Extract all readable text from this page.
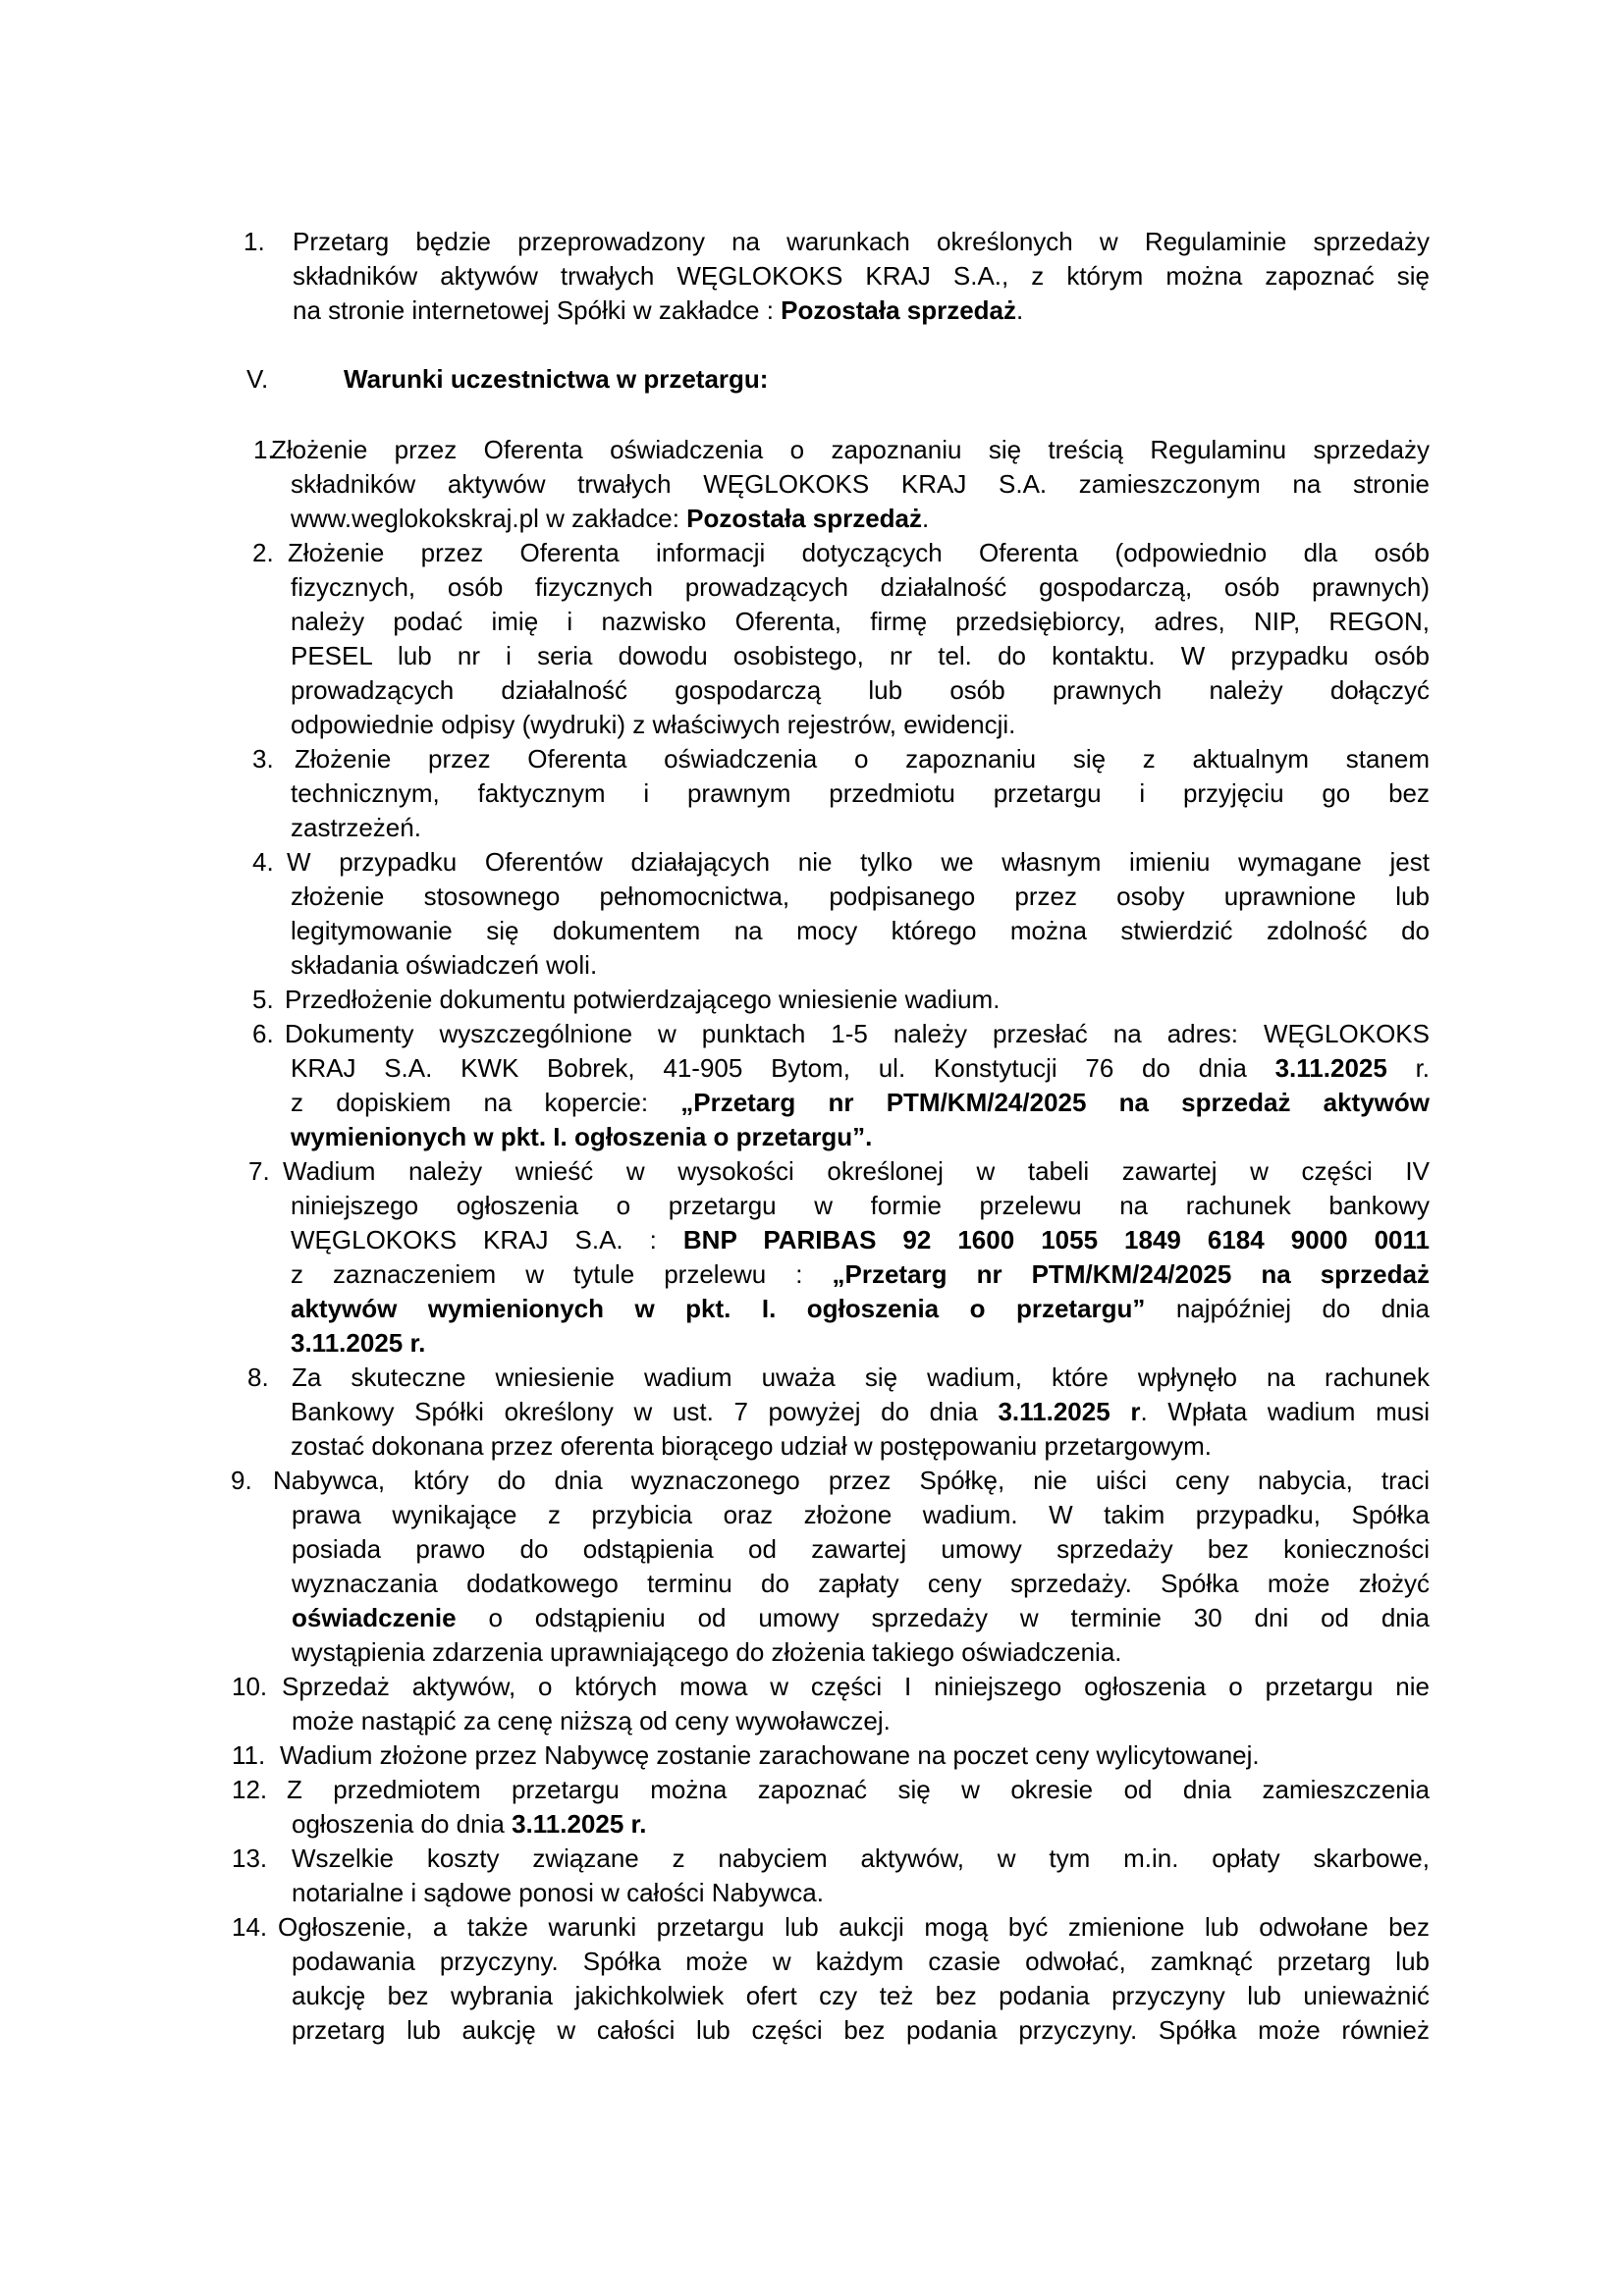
1. Przetarg będzie przeprowadzony na warunkach określonych w Regulaminie sprzedaży
składników aktywów trwałych WĘGLOKOKS KRAJ S.A., z którym można zapoznać się
na stronie internetowej Spółki w zakładce : Pozostała sprzedaż.
V.	Warunki uczestnictwa w przetargu:
1.
Złożenie przez Oferenta oświadczenia o zapoznaniu się treścią Regulaminu sprzedaży
składników aktywów trwałych WĘGLOKOKS KRAJ S.A. zamieszczonym na stronie
www.weglokokskraj.pl w zakładce: Pozostała sprzedaż.
2. Złożenie przez Oferenta informacji dotyczących Oferenta (odpowiednio dla osób
fizycznych, osób fizycznych prowadzących działalność gospodarczą, osób prawnych)
należy podać imię i nazwisko Oferenta, firmę przedsiębiorcy, adres, NIP, REGON,
PESEL lub nr i seria dowodu osobistego, nr tel. do kontaktu. W przypadku osób
prowadzących działalność gospodarczą lub osób prawnych należy dołączyć
odpowiednie odpisy (wydruki) z właściwych rejestrów, ewidencji.
3. Złożenie przez Oferenta oświadczenia o zapoznaniu się z aktualnym stanem
technicznym, faktycznym i prawnym przedmiotu przetargu i przyjęciu go bez
zastrzeżeń.
4. W przypadku Oferentów działających nie tylko we własnym imieniu wymagane jest
złożenie stosownego pełnomocnictwa, podpisanego przez osoby uprawnione lub
legitymowanie się dokumentem na mocy którego można stwierdzić zdolność do
składania oświadczeń woli.
5. Przedłożenie dokumentu potwierdzającego wniesienie wadium.
6. Dokumenty wyszczególnione w punktach 1-5 należy przesłać na adres: WĘGLOKOKS
KRAJ S.A. KWK Bobrek, 41-905 Bytom, ul. Konstytucji 76 do dnia 3.11.2025 r.
z dopiskiem na kopercie: „Przetarg nr PTM/KM/24/2025 na sprzedaż aktywów
wymienionych w pkt. I. ogłoszenia o przetargu”.
7. Wadium należy wnieść w wysokości określonej w tabeli zawartej w części IV
niniejszego ogłoszenia o przetargu w formie przelewu na rachunek bankowy
WĘGLOKOKS KRAJ S.A. : BNP PARIBAS 92 1600 1055 1849 6184 9000 0011
z zaznaczeniem w tytule przelewu : „Przetarg nr PTM/KM/24/2025 na sprzedaż
aktywów wymienionych w pkt. I. ogłoszenia o przetargu” najpóźniej do dnia
3.11.2025 r.
8. Za skuteczne wniesienie wadium uważa się wadium, które wpłynęło na rachunek
Bankowy Spółki określony w ust. 7 powyżej do dnia 3.11.2025 r. Wpłata wadium musi
zostać dokonana przez oferenta biorącego udział w postępowaniu przetargowym.
9. Nabywca, który do dnia wyznaczonego przez Spółkę, nie uiści ceny nabycia, traci
prawa wynikające z przybicia oraz złożone wadium. W takim przypadku, Spółka
posiada prawo do odstąpienia od zawartej umowy sprzedaży bez konieczności
wyznaczania dodatkowego terminu do zapłaty ceny sprzedaży. Spółka może złożyć
oświadczenie o odstąpieniu od umowy sprzedaży w terminie 30 dni od dnia
wystąpienia zdarzenia uprawniającego do złożenia takiego oświadczenia.
10. Sprzedaż aktywów, o których mowa w części I niniejszego ogłoszenia o przetargu nie
może nastąpić za cenę niższą od ceny wywoławczej.
11. Wadium złożone przez Nabywcę zostanie zarachowane na poczet ceny wylicytowanej.
12. Z przedmiotem przetargu można zapoznać się w okresie od dnia zamieszczenia
ogłoszenia do dnia 3.11.2025 r.
13. Wszelkie koszty związane z nabyciem aktywów, w tym m.in. opłaty skarbowe,
notarialne i sądowe ponosi w całości Nabywca.
14. Ogłoszenie, a także warunki przetargu lub aukcji mogą być zmienione lub odwołane bez
podawania przyczyny. Spółka może w każdym czasie odwołać, zamknąć przetarg lub
aukcję bez wybrania jakichkolwiek ofert czy też bez podania przyczyny lub unieważnić
przetarg lub aukcję w całości lub części bez podania przyczyny. Spółka może również
